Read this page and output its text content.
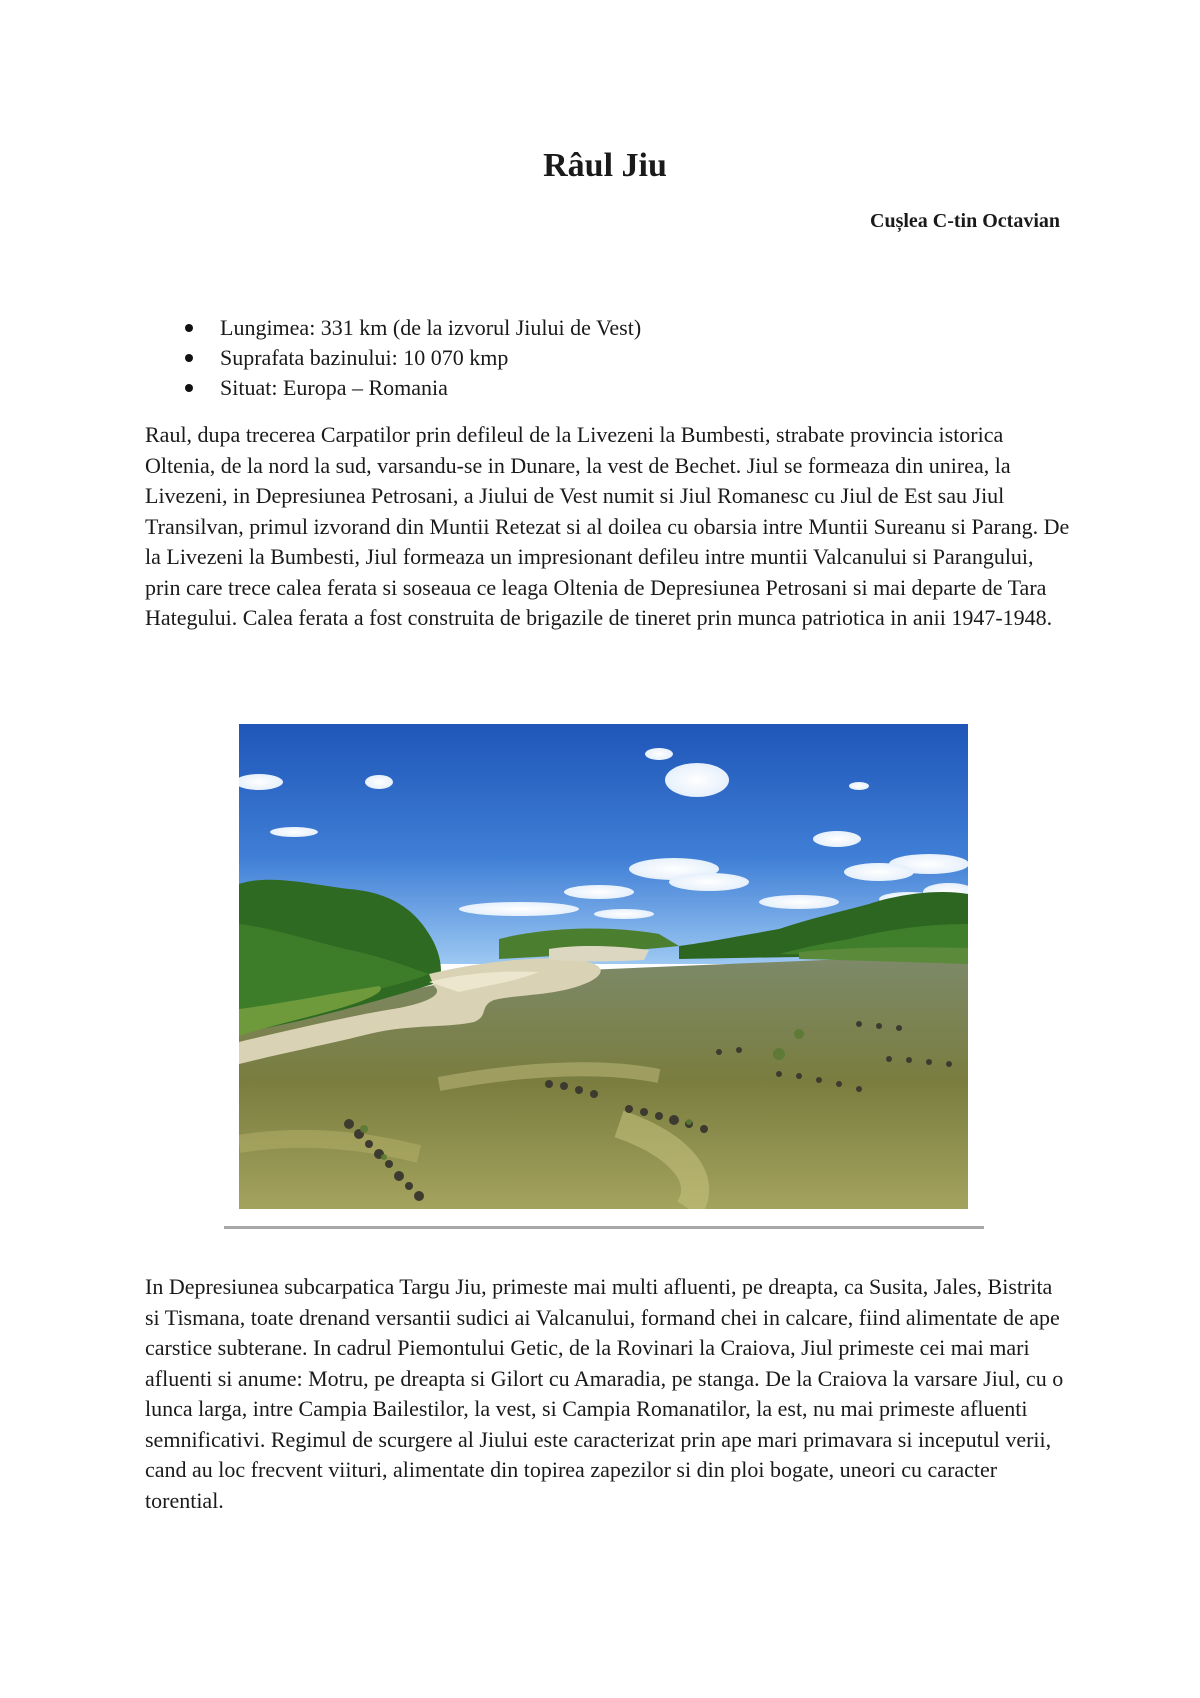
Râul Jiu
Cușlea C-tin Octavian
Lungimea: 331 km (de la izvorul Jiului de Vest)
Suprafata bazinului: 10 070 kmp
Situat: Europa – Romania

Raul, dupa trecerea Carpatilor prin defileul de la Livezeni la Bumbesti, strabate provincia istorica Oltenia, de la nord la sud, varsandu-se in Dunare, la vest de Bechet. Jiul se formeaza din unirea, la Livezeni, in Depresiunea Petrosani, a Jiului de Vest numit si Jiul Romanesc cu Jiul de Est sau Jiul Transilvan, primul izvorand din Muntii Retezat si al doilea cu obarsia intre Muntii Sureanu si Parang. De la Livezeni la Bumbesti, Jiul formeaza un impresionant defileu intre muntii Valcanului si Parangului, prin care trece calea ferata si soseaua ce leaga Oltenia de Depresiunea Petrosani si mai departe de Tara Hategului. Calea ferata a fost construita de brigazile de tineret prin munca patriotica in anii 1947-1948.

In Depresiunea subcarpatica Targu Jiu, primeste mai multi afluenti, pe dreapta, ca Susita, Jales, Bistrita si Tismana, toate drenand versantii sudici ai Valcanului, formand chei in calcare, fiind alimentate de ape carstice subterane. In cadrul Piemontului Getic, de la Rovinari la Craiova, Jiul primeste cei mai mari afluenti si anume: Motru, pe dreapta si Gilort cu Amaradia, pe stanga. De la Craiova la varsare Jiul, cu o lunca larga, intre Campia Bailestilor, la vest, si Campia Romanatilor, la est, nu mai primeste afluenti semnificativi. Regimul de scurgere al Jiului este caracterizat prin ape mari primavara si inceputul verii, cand au loc frecvent viituri, alimentate din topirea zapezilor si din ploi bogate, uneori cu caracter torential.
